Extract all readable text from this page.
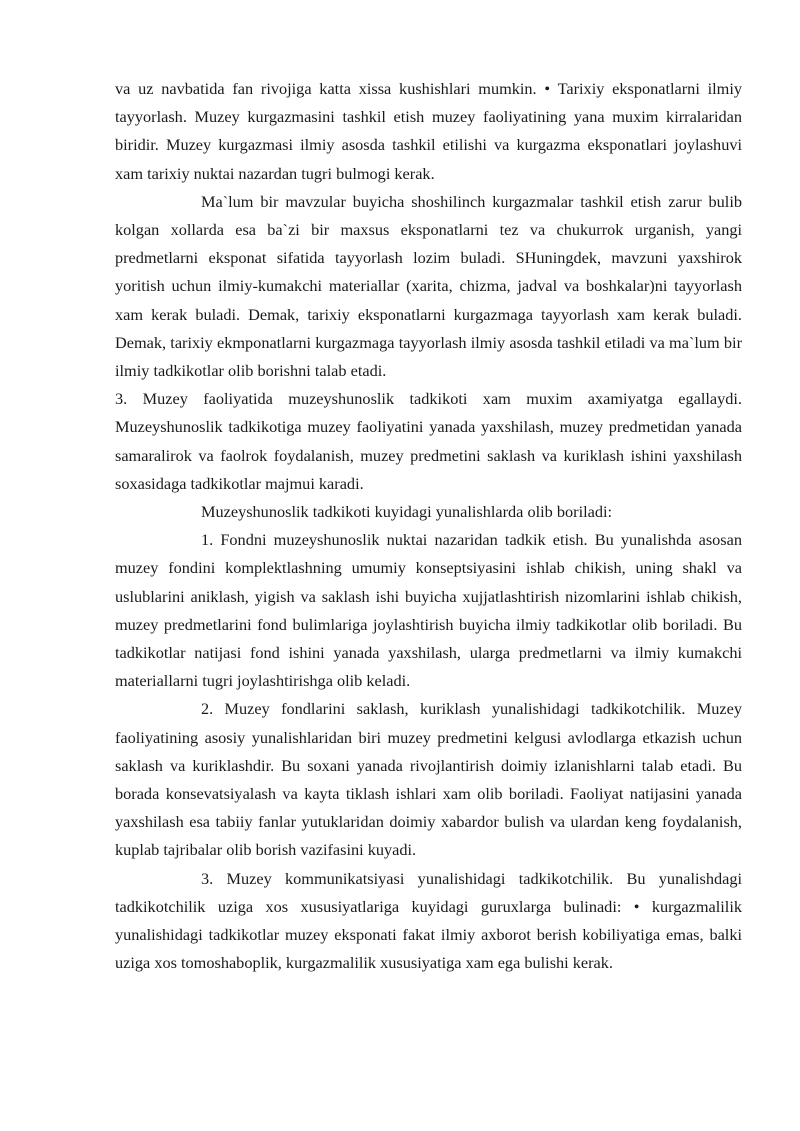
va uz navbatida fan rivojiga katta xissa kushishlari mumkin. • Tarixiy eksponatlarni ilmiy tayyorlash. Muzey kurgazmasini tashkil etish muzey faoliyatining yana muxim kirralaridan biridir. Muzey kurgazmasi ilmiy asosda tashkil etilishi va kurgazma eksponatlari joylashuvi xam tarixiy nuktai nazardan tugri bulmogi kerak.

Ma`lum bir mavzular buyicha shoshilinch kurgazmalar tashkil etish zarur bulib kolgan xollarda esa ba`zi bir maxsus eksponatlarni tez va chukurrok urganish, yangi predmetlarni eksponat sifatida tayyorlash lozim buladi. SHuningdek, mavzuni yaxshirok yoritish uchun ilmiy-kumakchi materiallar (xarita, chizma, jadval va boshkalar)ni tayyorlash xam kerak buladi. Demak, tarixiy eksponatlarni kurgazmaga tayyorlash xam kerak buladi. Demak, tarixiy ekmponatlarni kurgazmaga tayyorlash ilmiy asosda tashkil etiladi va ma`lum bir ilmiy tadkikotlar olib borishni talab etadi.

3. Muzey faoliyatida muzeyshunoslik tadkikoti xam muxim axamiyatga egallaydi. Muzeyshunoslik tadkikotiga muzey faoliyatini yanada yaxshilash, muzey predmetidan yanada samaralirok va faolrok foydalanish, muzey predmetini saklash va kuriklash ishini yaxshilash soxasidaga tadkikotlar majmui karadi.

Muzeyshunoslik tadkikoti kuyidagi yunalishlarda olib boriladi:

1. Fondni muzeyshunoslik nuktai nazaridan tadkik etish. Bu yunalishda asosan muzey fondini komplektlashning umumiy konseptsiyasini ishlab chikish, uning shakl va uslublarini aniklash, yigish va saklash ishi buyicha xujjatlashtirish nizomlarini ishlab chikish, muzey predmetlarini fond bulimlariga joylashtirish buyicha ilmiy tadkikotlar olib boriladi. Bu tadkikotlar natijasi fond ishini yanada yaxshilash, ularga predmetlarni va ilmiy kumakchi materiallarni tugri joylashtirishga olib keladi.

2. Muzey fondlarini saklash, kuriklash yunalishidagi tadkikotchilik. Muzey faoliyatining asosiy yunalishlaridan biri muzey predmetini kelgusi avlodlarga etkazish uchun saklash va kuriklashdir. Bu soxani yanada rivojlantirish doimiy izlanishlarni talab etadi. Bu borada konsevatsiyalash va kayta tiklash ishlari xam olib boriladi. Faoliyat natijasini yanada yaxshilash esa tabiiy fanlar yutuklaridan doimiy xabardor bulish va ulardan keng foydalanish, kuplab tajribalar olib borish vazifasini kuyadi.

3. Muzey kommunikatsiyasi yunalishidagi tadkikotchilik. Bu yunalishdagi tadkikotchilik uziga xos xususiyatlariga kuyidagi guruxlarga bulinadi: • kurgazmalilik yunalishidagi tadkikotlar muzey eksponati fakat ilmiy axborot berish kobiliyatiga emas, balki uziga xos tomoshaboplik, kurgazmalilik xususiyatiga xam ega bulishi kerak.
